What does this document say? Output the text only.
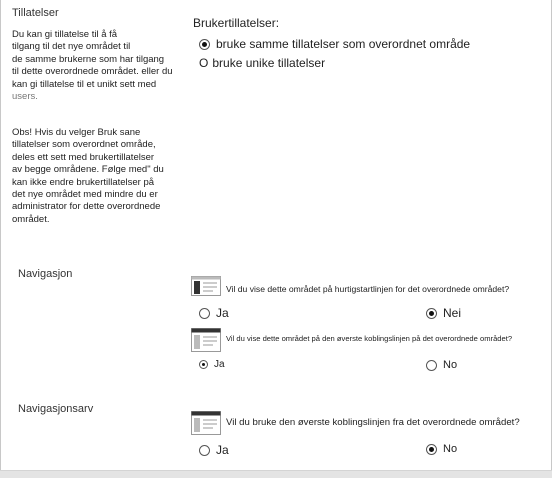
Tillatelser
Du kan gi tillatelse til å få
tilgang til det nye området til
de samme brukerne som har tilgang
til dette overordnede området. eller du
kan gi tillatelse til et unikt sett med
users.
Obs! Hvis du velger Bruk sane
tillatelser som overordnet område,
deles ett sett med brukertillatelser
av begge områdene. Følge med" du
kan ikke endre brukertillatelser på
det nye området med mindre du er
administrator for dette overordnede
området.
Brukertillatelser:
bruke samme tillatelser som overordnet område
O bruke unike tillatelser
Navigasjon
Vil du vise dette området på hurtigstartlinjen for det overordnede området?
Ja	Nei
Vil du vise dette området på den øverste koblingslinjen på det overordnede området?
Ja	No
Navigasjonsarv
Vil du bruke den øverste koblingslinjen fra det overordnede området?
Ja	No
